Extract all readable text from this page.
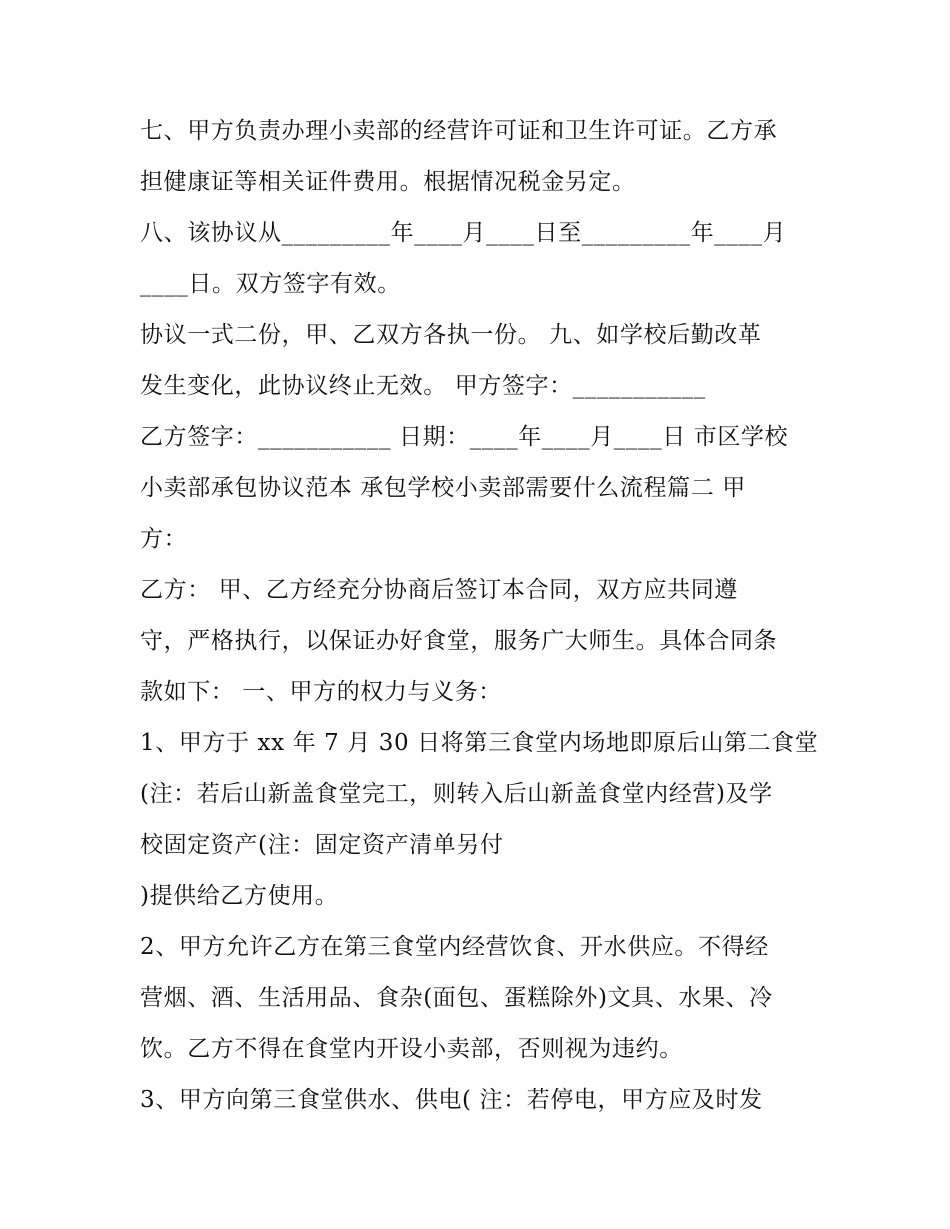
七、甲方负责办理小卖部的经营许可证和卫生许可证。乙方承
担健康证等相关证件费用。根据情况税金另定。
八、该协议从_________年____月____日至_________年____月
____日。双方签字有效。
协议一式二份，甲、乙双方各执一份。 九、如学校后勤改革
发生变化，此协议终止无效。 甲方签字：___________
乙方签字：___________ 日期：____年____月____日 市区学校
小卖部承包协议范本 承包学校小卖部需要什么流程篇二 甲
方：
乙方： 甲、乙方经充分协商后签订本合同，双方应共同遵
守，严格执行，以保证办好食堂，服务广大师生。具体合同条
款如下： 一、甲方的权力与义务：
1、甲方于 xx 年 7 月 30 日将第三食堂内场地即原后山第二食堂
(注：若后山新盖食堂完工，则转入后山新盖食堂内经营)及学
校固定资产(注：固定资产清单另付
)提供给乙方使用。
2、甲方允许乙方在第三食堂内经营饮食、开水供应。不得经
营烟、酒、生活用品、食杂(面包、蛋糕除外)文具、水果、冷
饮。乙方不得在食堂内开设小卖部，否则视为违约。
3、甲方向第三食堂供水、供电( 注：若停电，甲方应及时发
